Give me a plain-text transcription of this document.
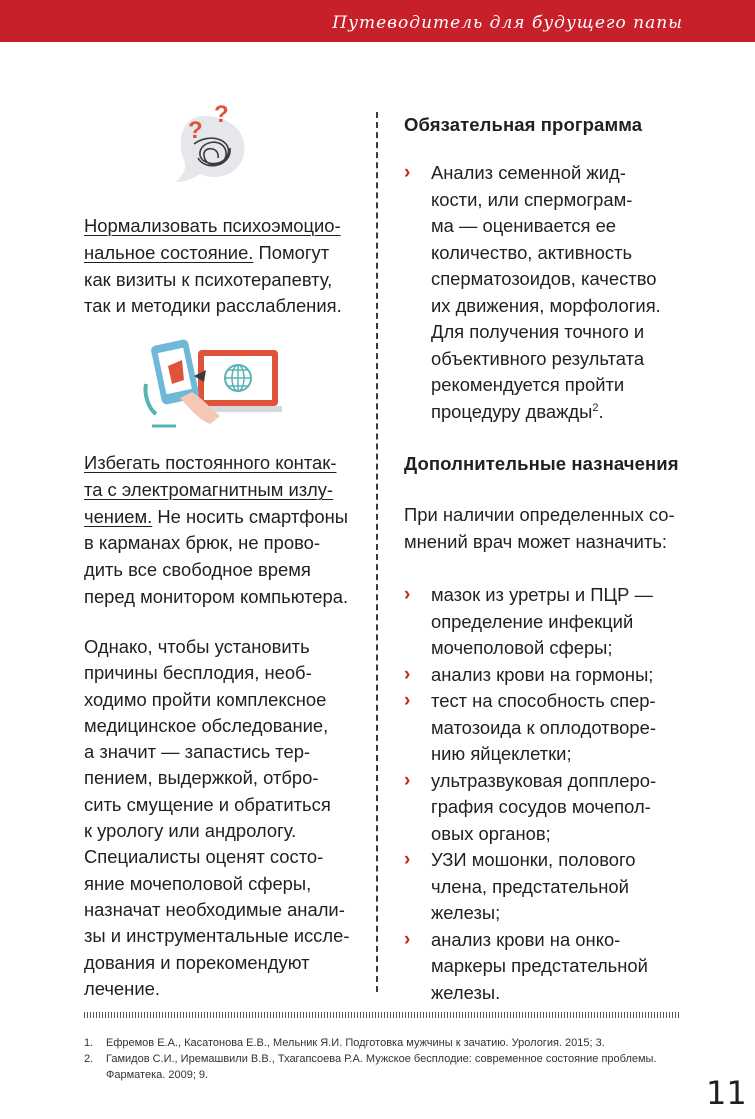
Путеводитель для будущего папы
?
?
Нормализовать психоэмоцио-
нальное состояние. Помогут
как визиты к психотерапевту,
так и методики расслабления.
Избегать постоянного контак-
та с электромагнитным излу-
чением. Не носить смартфоны
в карманах брюк, не прово-
дить все свободное время
перед монитором компьютера.
Однако, чтобы установить
причины бесплодия, необ-
ходимо пройти комплексное
медицинское обследование,
а значит — запастись тер-
пением, выдержкой, отбро-
сить смущение и обратиться
к урологу или андрологу.
Специалисты оценят состо-
яние мочеполовой сферы,
назначат необходимые анали-
зы и инструментальные иссле-
дования и порекомендуют
лечение.
Обязательная программа
› Анализ семенной жид-
кости, или спермограм-
ма — оценивается ее
количество, активность
сперматозоидов, качество
их движения, морфология.
Для получения точного и
объективного результата
рекомендуется пройти
процедуру дважды$^2$.
Дополнительные назначения
При наличии определенных со-
мнений врач может назначить:
› мазок из уретры и ПЦР —
определение инфекций
мочеполовой сферы;
› анализ крови на гормоны;
› тест на способность спер-
матозоида к оплодотворе-
нию яйцеклетки;
› ультразвуковая допплеро-
графия сосудов мочепол-
овых органов;
› УЗИ мошонки, полового
члена, предстательной
железы;
› анализ крови на онко-
маркеры предстательной
железы.
1. Ефремов Е.А., Касатонова Е.В., Мельник Я.И. Подготовка мужчины к зачатию. Урология. 2015; 3.
2. Гамидов С.И., Иремашвили В.В., Тхагапсоева Р.А. Мужское бесплодие: современное состояние проблемы. Фарматека. 2009; 9.	11
